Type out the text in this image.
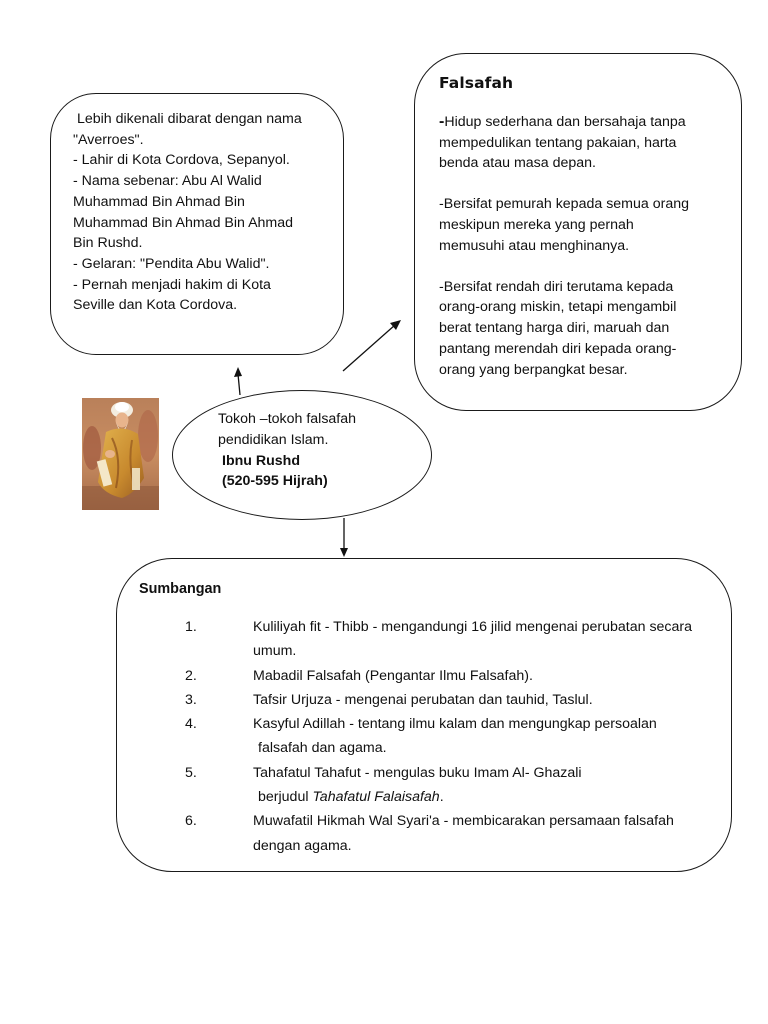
Lebih dikenali dibarat dengan nama
"Averroes".
- Lahir di Kota Cordova, Sepanyol.
- Nama sebenar: Abu Al Walid
Muhammad Bin Ahmad Bin
Muhammad Bin Ahmad Bin Ahmad
Bin Rushd.
- Gelaran: "Pendita Abu Walid".
- Pernah menjadi hakim di Kota
Seville dan Kota Cordova.
Falsafah
-Hidup sederhana dan bersahaja tanpa
mempedulikan tentang pakaian, harta
benda atau masa depan.
-Bersifat pemurah kepada semua orang
meskipun mereka yang pernah
memusuhi atau menghinanya.
-Bersifat rendah diri terutama kepada
orang-orang miskin, tetapi mengambil
berat tentang harga diri, maruah dan
pantang merendah diri kepada orang-
orang yang berpangkat besar.
Tokoh –tokoh falsafah
pendidikan Islam.
Ibnu Rushd
(520-595 Hijrah)
Sumbangan
1.	Kuliliyah fit - Thibb - mengandungi 16 jilid mengenai perubatan secara
umum.
2.	Mabadil Falsafah (Pengantar Ilmu Falsafah).
3.	Tafsir Urjuza - mengenai perubatan dan tauhid, Taslul.
4.	Kasyful Adillah - tentang ilmu kalam dan mengungkap persoalan
falsafah dan agama.
5.	Tahafatul Tahafut - mengulas buku Imam Al- Ghazali
berjudul Tahafatul Falaisafah.
6.	Muwafatil Hikmah Wal Syari'a - membicarakan persamaan falsafah
dengan agama.
